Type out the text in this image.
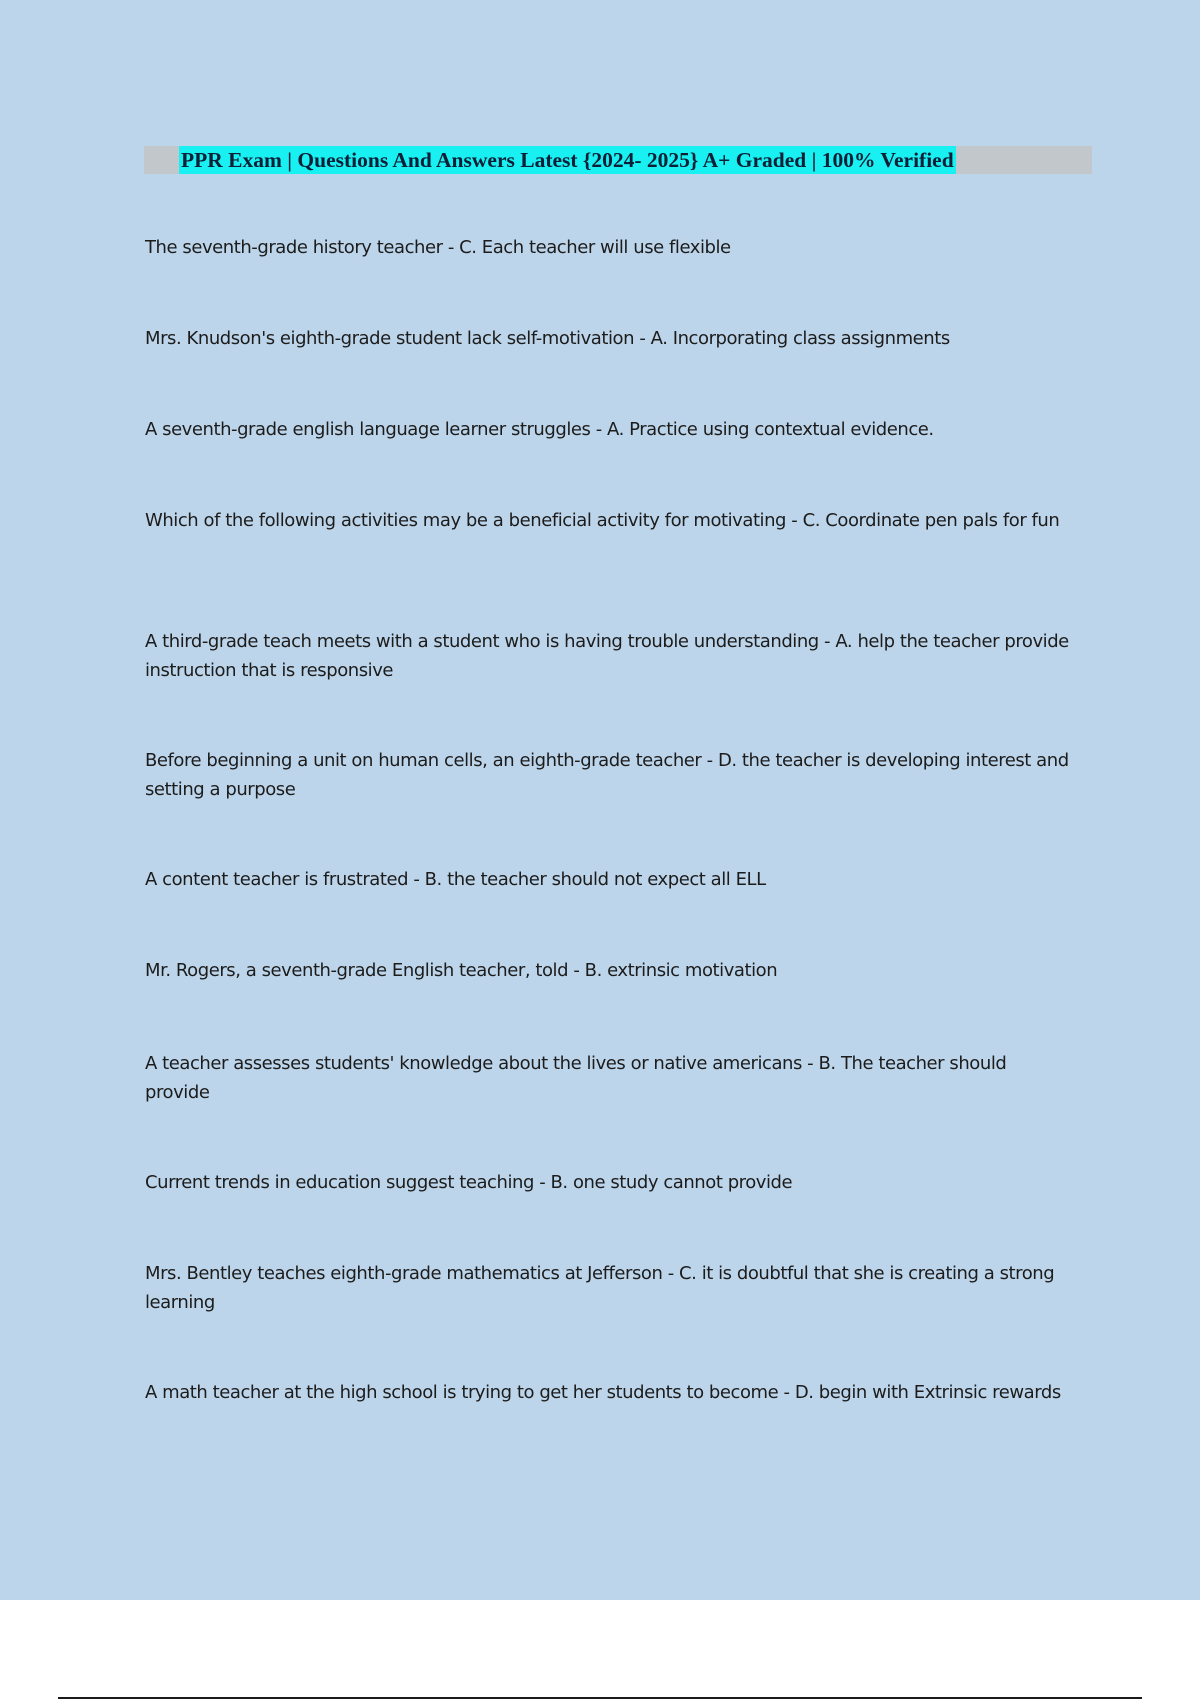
PPR Exam | Questions And Answers Latest {2024- 2025} A+ Graded | 100% Verified
The seventh-grade history teacher - C. Each teacher will use flexible
Mrs. Knudson's eighth-grade student lack self-motivation - A. Incorporating class assignments
A seventh-grade english language learner struggles - A. Practice using contextual evidence.
Which of the following activities may be a beneficial activity for motivating - C. Coordinate pen pals for fun
A third-grade teach meets with a student who is having trouble understanding - A. help the teacher provide instruction that is responsive
Before beginning a unit on human cells, an eighth-grade teacher - D. the teacher is developing interest and setting a purpose
A content teacher is frustrated - B. the teacher should not expect all ELL
Mr. Rogers, a seventh-grade English teacher, told - B. extrinsic motivation
A teacher assesses students' knowledge about the lives or native americans - B. The teacher should provide
Current trends in education suggest teaching - B. one study cannot provide
Mrs. Bentley teaches eighth-grade mathematics at Jefferson - C. it is doubtful that she is creating a strong learning
A math teacher at the high school is trying to get her students to become - D. begin with Extrinsic rewards
